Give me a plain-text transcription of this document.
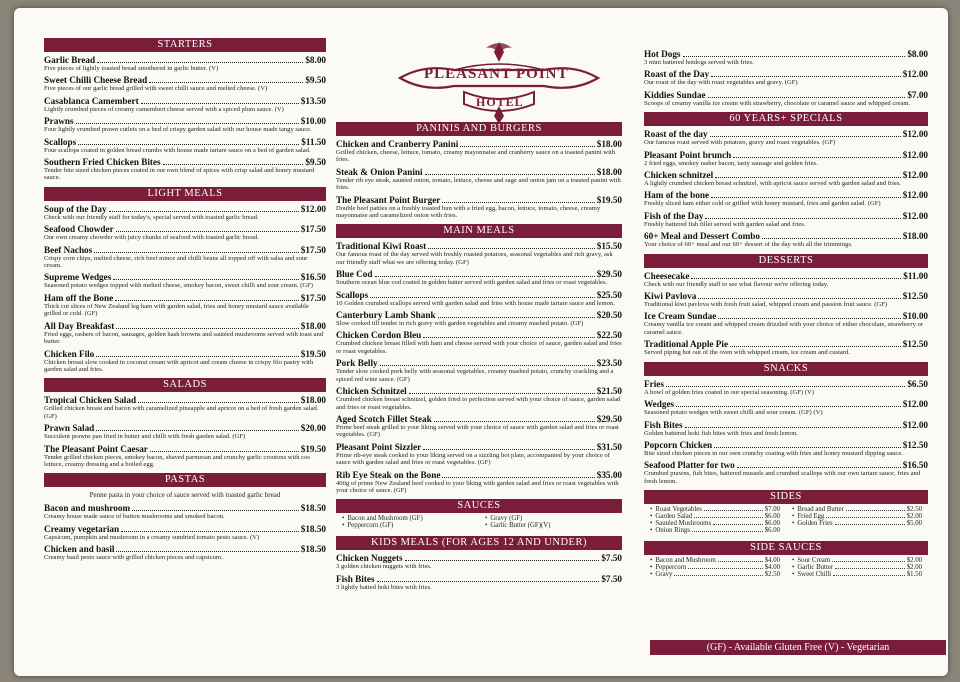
STARTERS
Garlic Bread	$8.00
Five pieces of lightly toasted bread smothered in garlic butter. (V)
Sweet Chilli Cheese Bread	$9.50
Five pieces of our garlic bread grilled with sweet chilli sauce and melted cheese. (V)
Casablanca Camembert	$13.50
Lightly crumbed pieces of creamy camembert cheese served with a spiced plum sauce. (V)
Prawns	$10.00
Four lightly crumbed prawn cutlets on a bed of crispy garden salad with our house made tangy sauce.
Scallops	$11.50
Four scallops coated in golden bread crumbs with house made tartare sauce on a bed of garden salad.
Southern Fried Chicken Bites	$9.50
Tender bite sized chicken pieces coated in our own blend of spices with crisp salad and honey mustard sauce.
LIGHT MEALS
Soup of the Day	$12.00
Check with our friendly staff for today's, special served with toasted garlic bread.
Seafood Chowder	$17.50
Our own creamy chowder with juicy chunks of seafood with toasted garlic bread.
Beef Nachos	$17.50
Crispy corn chips, melted cheese, rich beef mince and chilli beans all topped off with salsa and sour cream.
Supreme Wedges	$16.50
Seasoned potato wedges topped with melted cheese, smokey bacon, sweet chilli and sour cream. (GF)
Ham off the Bone	$17.50
Thick cut slices of New Zealand leg ham with garden salad, fries and honey mustard sauce available grilled or cold. (GF)
All Day Breakfast	$18.00
Fried eggs, rashers of bacon, sausages, golden hash browns and sautéed mushrooms served with toast and butter.
Chicken Filo	$19.50
Chicken breast slow cooked in coconut cream with apricot and cream cheese in crispy filo pastry with garden salad and fries.
SALADS
Tropical Chicken Salad	$18.00
Grilled chicken breast and bacon with caramelized pineapple and apricot on a bed of fresh garden salad. (GF)
Prawn Salad	$20.00
Succulent prawns pan fried in butter and chilli with fresh garden salad. (GF)
The Pleasant Point Caesar	$19.50
Tender grilled chicken pieces, smokey bacon, shaved parmesan and crunchy garlic croutons with cos lettuce, creamy dressing and a boiled egg.
PASTAS
Penne pasta in your choice of sauce served with toasted garlic bread
Bacon and mushroom	$18.50
Creamy house made sauce of button mushrooms and smoked bacon.
Creamy vegetarian	$18.50
Capsicum, pumpkin and mushroom in a creamy sundried tomato pesto sauce. (V)
Chicken and basil	$18.50
Creamy basil pesto sauce with grilled chicken pieces and capsicum.
PLEASANT POINT
HOTEL
PANINIS AND BURGERS
Chicken and Cranberry Panini	$18.00
Grilled chicken, cheese, lettuce, tomato, creamy mayonnaise and cranberry sauce on a toasted panini with fries.
Steak & Onion Panini	$18.00
Tender rib eye steak, sautéed onion, tomato, lettuce, cheese and sage and onion jam on a toasted panini with fries.
The Pleasant Point Burger	$19.50
Double beef patties on a freshly toasted bun with a fried egg, bacon, lettuce, tomato, cheese, creamy mayonnaise and caramelized onion with fries.
MAIN MEALS
Traditional Kiwi Roast	$15.50
Our famous roast of the day served with freshly roasted potatoes, seasonal vegetables and rich gravy, ask our friendly staff what we are offering today. (GF)
Blue Cod	$29.50
Southern ocean blue cod coated in golden batter served with garden salad and fries or roast vegetables.
Scallops	$25.50
10 Golden crumbed scallops served with garden salad and fries with house made tartare sauce and lemon.
Canterbury Lamb Shank	$20.50
Slow cooked till tender in rich gravy with garden vegetables and creamy mashed potato. (GF)
Chicken Cordon Bleu	$22.50
Crumbed chicken breast filled with ham and cheese served with your choice of sauce, garden salad and fries or roast vegetables.
Pork Belly	$23.50
Tender slow cooked pork belly with seasonal vegetables, creamy mashed potato, crunchy crackling and a spiced red wine sauce. (GF)
Chicken Schnitzel	$21.50
Crumbed chicken breast schnitzel, golden fried to perfection served with your choice of sauce, garden salad and fries or roast vegetables.
Aged Scotch Fillet Steak	$29.50
Prime beef steak grilled to your liking served with your choice of sauce with garden salad and fries or roast vegetables. (GF)
Pleasant Point Sizzler	$31.50
Prime rib-eye steak cooked to your liking served on a sizzling hot plate, accompanied by your choice of sauce with garden salad and fries or roast vegetables. (GF)
Rib Eye Steak on the Bone	$35.00
400g of prime New Zealand beef cooked to your liking with garden salad and fries or roast vegetables with your choice of sauce. (GF)
SAUCES
• Bacon and Mushroom (GF)	• Gravy (GF)
• Peppercorn (GF)	• Garlic Butter (GF)(V)
KIDS MEALS (FOR AGES 12 AND UNDER)
Chicken Nuggets	$7.50
3 golden chicken nuggets with fries.
Fish Bites	$7.50
3 lightly batted hoki bites with fries.
Hot Dogs	$8.00
3 mini battered hotdogs served with fries.
Roast of the Day	$12.00
Our roast of the day with roast vegetables and gravy. (GF)
Kiddies Sundae	$7.00
Scoops of creamy vanilla ice cream with strawberry, chocolate or caramel sauce and whipped cream.
60 YEARS+ SPECIALS
Roast of the day	$12.00
Our famous roast served with potatoes, gravy and roast vegetables. (GF)
Pleasant Point brunch	$12.00
2 fried eggs, smokey rasher bacon, tasty sausage and golden fries.
Chicken schnitzel	$12.00
A lightly crumbed chicken breast schnitzel, with apricot sauce served with garden salad and fries.
Ham of the bone	$12.00
Freshly sliced ham either cold or grilled with honey mustard, fries and garden salad. (GF)
Fish of the Day	$12.00
Freshly battered fish fillet served with garden salad and fries.
60+ Meal and Dessert Combo	$18.00
Your choice of 60+ meal and our 60+ dessert of the day with all the trimmings.
DESSERTS
Cheesecake	$11.00
Check with our friendly staff to see what flavour we're offering today.
Kiwi Pavlova	$12.50
Traditional kiwi pavlova with fresh fruit salad, whipped cream and passion fruit sauce. (GF)
Ice Cream Sundae	$10.00
Creamy vanilla ice cream and whipped cream drizzled with your choice of either chocolate, strawberry or caramel sauce.
Traditional Apple Pie	$12.50
Served piping hot out of the oven with whipped cream, ice cream and custard.
SNACKS
Fries	$6.50
A bowl of golden fries coated in our special seasoning. (GF) (V)
Wedges	$12.00
Seasoned potato wedges with sweet chilli and sour cream. (GF) (V)
Fish Bites	$12.00
Golden battered hoki fish bites with fries and fresh lemon.
Popcorn Chicken	$12.50
Bite sized chicken pieces in our own crunchy coating with fries and honey mustard dipping sauce.
Seafood Platter for two	$16.50
Crumbed prawns, fish bites, battered mussels and crumbed scallops with our own tartare sauce, fries and fresh lemon.
SIDES
• Roast Vegetables	$7.00 • Bread and Butter	$2.50
• Garden Salad	$6.00 • Fried Egg	$2.00
• Sautéed Mushrooms	$6.00 • Golden Fries	$5.00
• Onion Rings	$6.00
SIDE SAUCES
• Bacon and Mushroom	$4.00 • Sour Cream	$2.00
• Peppercorn	$4.00 • Garlic Butter	$2.00
• Gravy	$2.50 • Sweet Chilli	$1.50
(GF) - Available Gluten Free (V) - Vegetarian
